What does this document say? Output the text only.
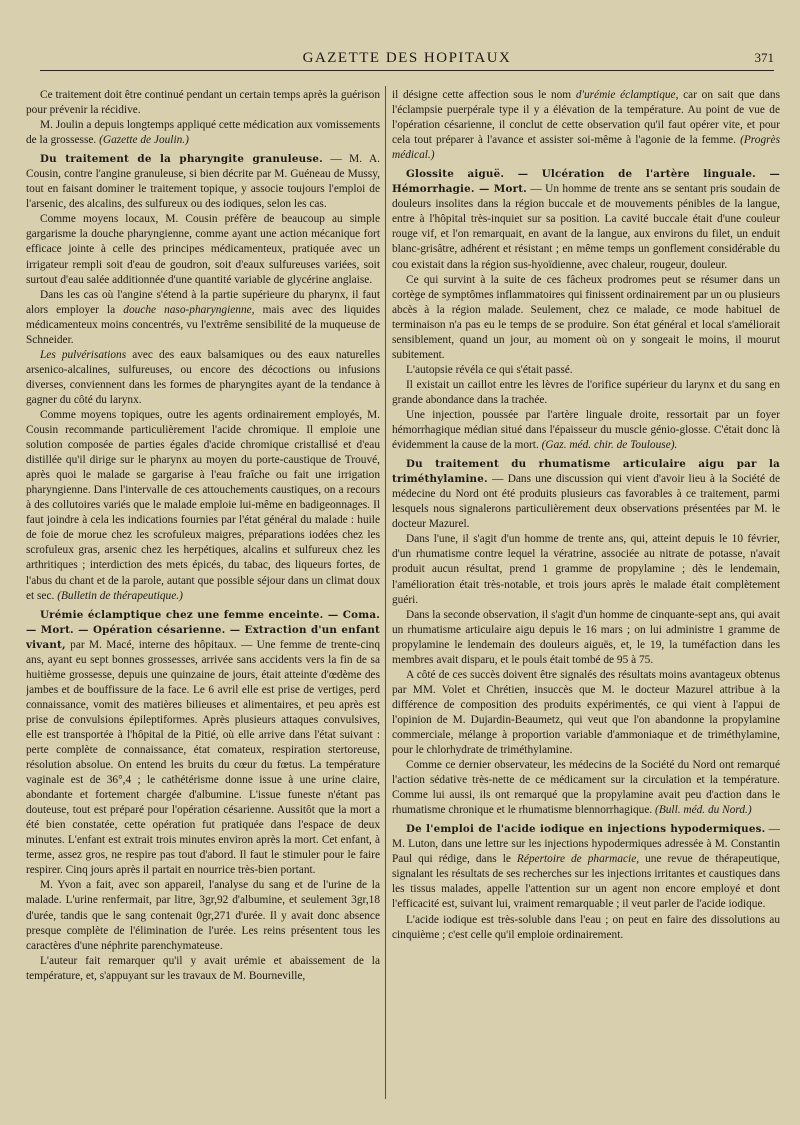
GAZETTE DES HOPITAUX	371

Ce traitement doit être continué pendant un certain temps après la guérison pour prévenir la récidive.

M. Joulin a depuis longtemps appliqué cette médication aux vomissements de la grossesse. (Gazette de Joulin.)

Du traitement de la pharyngite granuleuse. — M. A. Cousin, contre l'angine granuleuse, si bien décrite par M. Guéneau de Mussy, tout en faisant dominer le traitement topique, y associe toujours l'emploi de l'arsenic, des alcalins, des sulfureux ou des iodiques, selon les cas.

Comme moyens locaux, M. Cousin préfère de beaucoup au simple gargarisme la douche pharyngienne, comme ayant une action mécanique fort efficace jointe à celle des principes médicamenteux, pratiquée avec un irrigateur rempli soit d'eau de goudron, soit d'eaux sulfureuses variées, soit surtout d'eau salée additionnée d'une quantité variable de glycérine anglaise.

Dans les cas où l'angine s'étend à la partie supérieure du pharynx, il faut alors employer la douche naso-pharyngienne, mais avec des liquides médicamenteux moins concentrés, vu l'extrême sensibilité de la muqueuse de Schneider.

Les pulvérisations avec des eaux balsamiques ou des eaux naturelles arsenico-alcalines, sulfureuses, ou encore des décoctions ou infusions diverses, conviennent dans les formes de pharyngites ayant de la tendance à gagner du côté du larynx.

Comme moyens topiques, outre les agents ordinairement employés, M. Cousin recommande particulièrement l'acide chromique. Il emploie une solution composée de parties égales d'acide chromique cristallisé et d'eau distillée qu'il dirige sur le pharynx au moyen du porte-caustique de Trouvé, après quoi le malade se gargarise à l'eau fraîche ou fait une irrigation pharyngienne. Dans l'intervalle de ces attouchements caustiques, on a recours à des collutoires variés que le malade emploie lui-même en badigeonnages. Il faut joindre à cela les indications fournies par l'état général du malade : huile de foie de morue chez les scrofuleux maigres, préparations iodées chez les scrofuleux gras, arsenic chez les herpétiques, alcalins et sulfureux chez les arthritiques ; interdiction des mets épicés, du tabac, des liqueurs fortes, de l'abus du chant et de la parole, autant que possible séjour dans un climat doux et sec. (Bulletin de thérapeutique.)

Urémie éclamptique chez une femme enceinte. — Coma. — Mort. — Opération césarienne. — Extraction d'un enfant vivant, par M. Macé, interne des hôpitaux. — Une femme de trente-cinq ans, ayant eu sept bonnes grossesses, arrivée sans accidents vers la fin de sa huitième grossesse, depuis une quinzaine de jours, était atteinte d'œdème des jambes et de bouffissure de la face. Le 6 avril elle est prise de vertiges, perd connaissance, vomit des matières bilieuses et alimentaires, et peu après est prise de convulsions épileptiformes. Après plusieurs attaques convulsives, elle est transportée à l'hôpital de la Pitié, où elle arrive dans l'état suivant : perte complète de connaissance, état comateux, respiration stertoreuse, résolution absolue. On entend les bruits du cœur du fœtus. La température vaginale est de 36°,4 ; le cathétérisme donne issue à une urine claire, abondante et fortement chargée d'albumine. L'issue funeste n'étant pas douteuse, tout est préparé pour l'opération césarienne. Aussitôt que la mort a été bien constatée, cette opération fut pratiquée dans l'espace de deux minutes. L'enfant est extrait trois minutes environ après la mort. Cet enfant, à terme, assez gros, ne respire pas tout d'abord. Il faut le stimuler pour le faire respirer. Cinq jours après il partait en nourrice très-bien portant.

M. Yvon a fait, avec son appareil, l'analyse du sang et de l'urine de la malade. L'urine renfermait, par litre, 3gr,92 d'albumine, et seulement 3gr,18 d'urée, tandis que le sang contenait 0gr,271 d'urée. Il y avait donc absence presque complète de l'élimination de l'urée. Les reins présentent tous les caractères d'une néphrite parenchymateuse.

L'auteur fait remarquer qu'il y avait urémie et abaissement de la température, et, s'appuyant sur les travaux de M. Bourneville,

il désigne cette affection sous le nom d'urémie éclamptique, car on sait que dans l'éclampsie puerpérale type il y a élévation de la température. Au point de vue de l'opération césarienne, il conclut de cette observation qu'il faut opérer vite, et pour cela tout préparer à l'avance et assister soi-même à l'agonie de la femme. (Progrès médical.)

Glossite aiguë. — Ulcération de l'artère linguale. — Hémorrhagie. — Mort. — Un homme de trente ans se sentant pris soudain de douleurs insolites dans la région buccale et de mouvements pénibles de la langue, entre à l'hôpital très-inquiet sur sa position. La cavité buccale était d'une couleur rouge vif, et l'on remarquait, en avant de la langue, aux environs du filet, un enduit blanc-grisâtre, adhérent et résistant ; en même temps un gonflement considérable du cou existait dans la région sus-hyoïdienne, avec chaleur, rougeur, douleur.

Ce qui survint à la suite de ces fâcheux prodromes peut se résumer dans un cortège de symptômes inflammatoires qui finissent ordinairement par un ou plusieurs abcès à la région malade. Seulement, chez ce malade, ce mode habituel de terminaison n'a pas eu le temps de se produire. Son état général et local s'améliorait sensiblement, quand un jour, au moment où on y songeait le moins, il mourut subitement.

L'autopsie révéla ce qui s'était passé.

Il existait un caillot entre les lèvres de l'orifice supérieur du larynx et du sang en grande abondance dans la trachée.

Une injection, poussée par l'artère linguale droite, ressortait par un foyer hémorrhagique médian situé dans l'épaisseur du muscle génio-glosse. C'était donc là évidemment la cause de la mort. (Gaz. méd. chir. de Toulouse).

Du traitement du rhumatisme articulaire aigu par la triméthylamine. — Dans une discussion qui vient d'avoir lieu à la Société de médecine du Nord ont été produits plusieurs cas favorables à ce traitement, parmi lesquels nous signalerons particulièrement deux observations présentées par M. le docteur Mazurel.

Dans l'une, il s'agit d'un homme de trente ans, qui, atteint depuis le 10 février, d'un rhumatisme contre lequel la vératrine, associée au nitrate de potasse, n'avait produit aucun résultat, prend 1 gramme de propylamine ; dès le lendemain, l'amélioration était très-notable, et trois jours après le malade était complètement guéri.

Dans la seconde observation, il s'agit d'un homme de cinquante-sept ans, qui avait un rhumatisme articulaire aigu depuis le 16 mars ; on lui administre 1 gramme de propylamine le lendemain des douleurs aiguës, et, le 19, la tuméfaction dans les membres avait disparu, et le pouls était tombé de 95 à 75.

A côté de ces succès doivent être signalés des résultats moins avantageux obtenus par MM. Volet et Chrétien, insuccès que M. le docteur Mazurel attribue à la différence de composition des produits expérimentés, ce qui vient à l'appui de l'opinion de M. Dujardin-Beaumetz, qui veut que l'on abandonne la propylamine commerciale, mélange à proportion variable d'ammoniaque et de triméthylamine, pour le chlorhydrate de triméthylamine.

Comme ce dernier observateur, les médecins de la Société du Nord ont remarqué l'action sédative très-nette de ce médicament sur la circulation et la température. Comme lui aussi, ils ont remarqué que la propylamine avait peu d'action dans le rhumatisme chronique et le rhumatisme blennorrhagique. (Bull. méd. du Nord.)

De l'emploi de l'acide iodique en injections hypodermiques. — M. Luton, dans une lettre sur les injections hypodermiques adressée à M. Constantin Paul qui rédige, dans le Répertoire de pharmacie, une revue de thérapeutique, signalant les résultats de ses recherches sur les injections irritantes et caustiques dans les tissus malades, appelle l'attention sur un agent non encore employé et dont l'efficacité est, suivant lui, vraiment remarquable ; il veut parler de l'acide iodique.

L'acide iodique est très-soluble dans l'eau ; on peut en faire des dissolutions au cinquième ; c'est celle qu'il emploie ordinairement.
